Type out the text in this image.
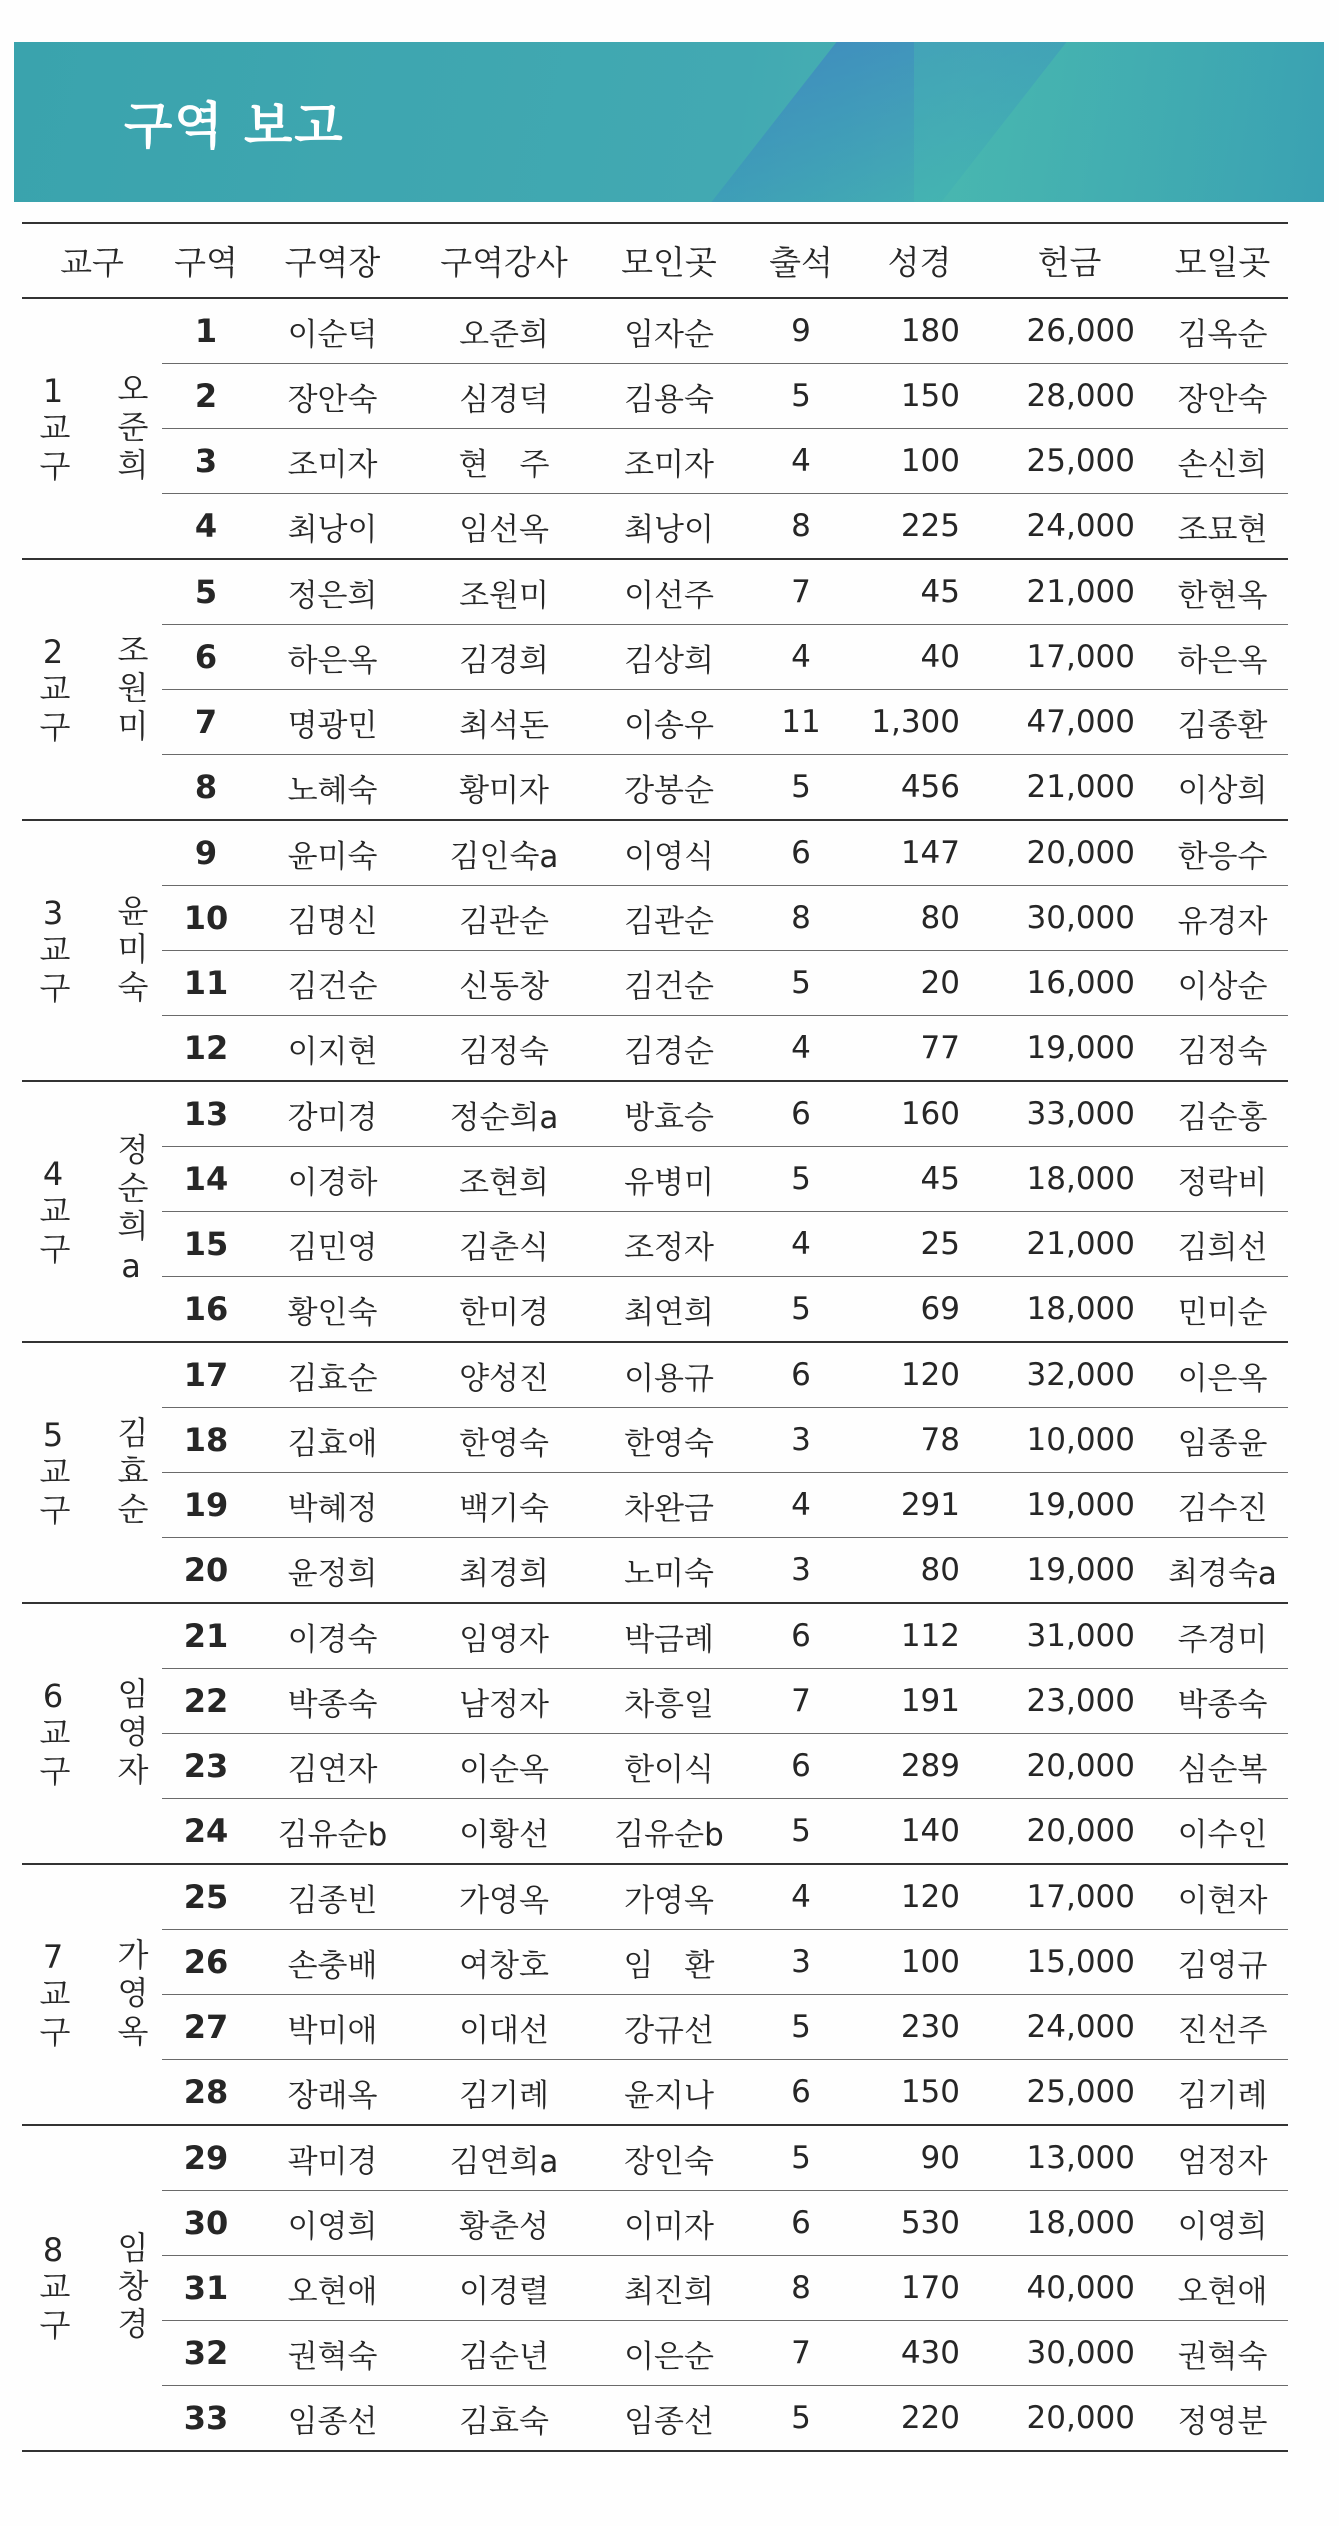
구역 보고
교구	구역	구역장	구역강사	모인곳	출석	성경	헌금	모일곳

1
교구 오준희	1	이순덕	오준희	임자순	9	180	26,000	김옥순
	2	장안숙	심경덕	김용숙	5	150	28,000	장안숙
	3	조미자	현　주	조미자	4	100	25,000	손신희
	4	최낭이	임선옥	최낭이	8	225	24,000	조묘현

2
교구 조원미	5	정은희	조원미	이선주	7	45	21,000	한현옥
	6	하은옥	김경희	김상희	4	40	17,000	하은옥
	7	명광민	최석돈	이송우	11	1,300	47,000	김종환
	8	노혜숙	황미자	강봉순	5	456	21,000	이상희

3
교구 윤미숙	9	윤미숙	김인숙a	이영식	6	147	20,000	한응수
	10	김명신	김관순	김관순	8	80	30,000	유경자
	11	김건순	신동창	김건순	5	20	16,000	이상순
	12	이지현	김정숙	김경순	4	77	19,000	김정숙

4
교구 정순희a	13	강미경	정순희a	방효승	6	160	33,000	김순홍
	14	이경하	조현희	유병미	5	45	18,000	정락비
	15	김민영	김춘식	조정자	4	25	21,000	김희선
	16	황인숙	한미경	최연희	5	69	18,000	민미순

5
교구 김효순	17	김효순	양성진	이용규	6	120	32,000	이은옥
	18	김효애	한영숙	한영숙	3	78	10,000	임종윤
	19	박혜정	백기숙	차완금	4	291	19,000	김수진
	20	윤정희	최경희	노미숙	3	80	19,000	최경숙a

6
교구 임영자	21	이경숙	임영자	박금례	6	112	31,000	주경미
	22	박종숙	남정자	차흥일	7	191	23,000	박종숙
	23	김연자	이순옥	한이식	6	289	20,000	심순복
	24	김유순b	이황선	김유순b	5	140	20,000	이수인

7
교구 가영옥	25	김종빈	가영옥	가영옥	4	120	17,000	이현자
	26	손충배	여창호	임　환	3	100	15,000	김영규
	27	박미애	이대선	강규선	5	230	24,000	진선주
	28	장래옥	김기례	윤지나	6	150	25,000	김기례

8
교구 임창경	29	곽미경	김연희a	장인숙	5	90	13,000	엄정자
	30	이영희	황춘성	이미자	6	530	18,000	이영희
	31	오현애	이경렬	최진희	8	170	40,000	오현애
	32	권혁숙	김순년	이은순	7	430	30,000	권혁숙
	33	임종선	김효숙	임종선	5	220	20,000	정영분
